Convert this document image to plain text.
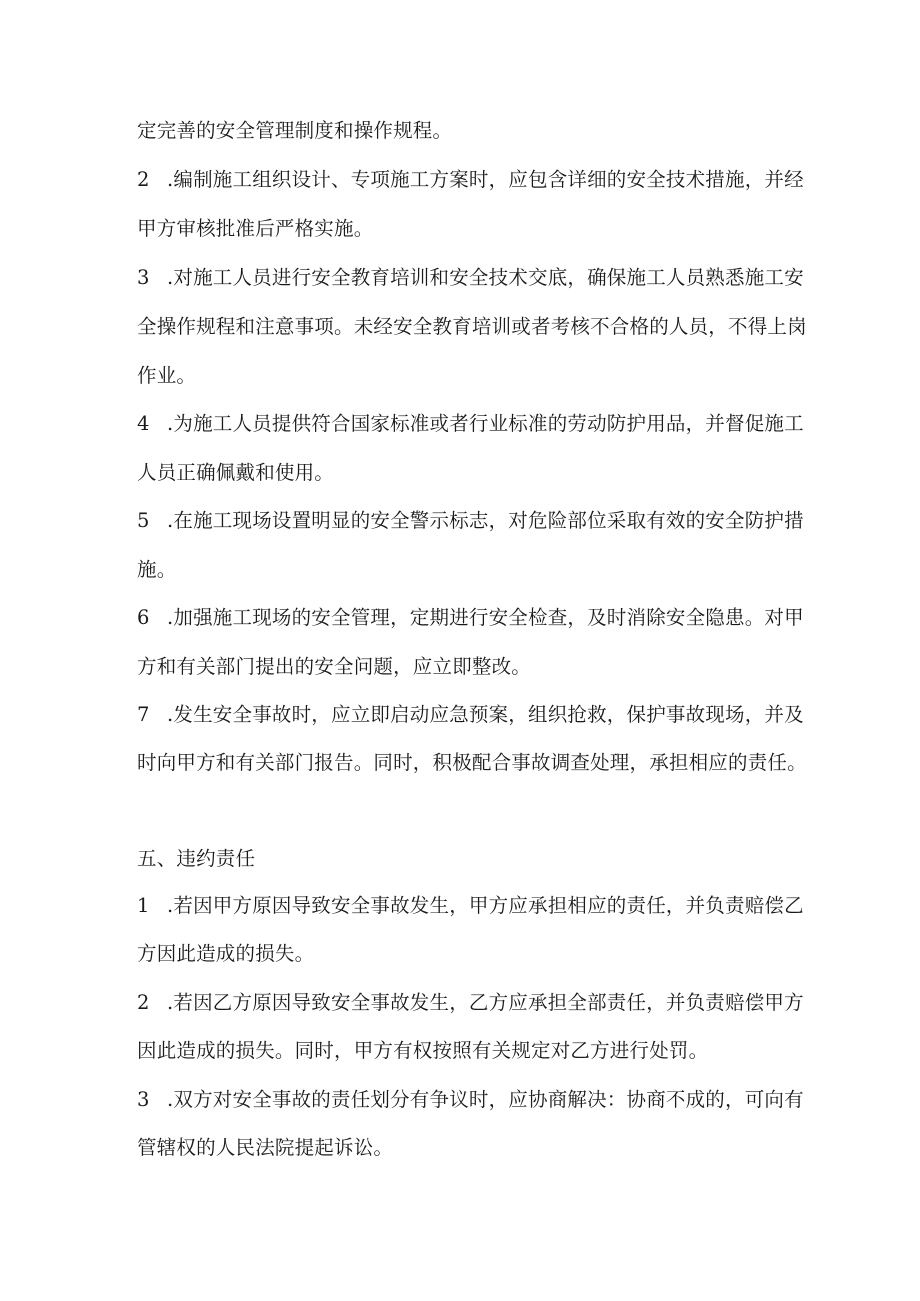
定完善的安全管理制度和操作规程。
2 .编制施工组织设计、专项施工方案时，应包含详细的安全技术措施，并经
甲方审核批准后严格实施。
3 .对施工人员进行安全教育培训和安全技术交底，确保施工人员熟悉施工安
全操作规程和注意事项。未经安全教育培训或者考核不合格的人员，不得上岗
作业。
4 .为施工人员提供符合国家标准或者行业标准的劳动防护用品，并督促施工
人员正确佩戴和使用。
5 .在施工现场设置明显的安全警示标志，对危险部位采取有效的安全防护措
施。
6 .加强施工现场的安全管理，定期进行安全检查，及时消除安全隐患。对甲
方和有关部门提出的安全问题，应立即整改。
7 .发生安全事故时，应立即启动应急预案，组织抢救，保护事故现场，并及
时向甲方和有关部门报告。同时，积极配合事故调查处理，承担相应的责任。
五、违约责任
1 .若因甲方原因导致安全事故发生，甲方应承担相应的责任，并负责赔偿乙
方因此造成的损失。
2 .若因乙方原因导致安全事故发生，乙方应承担全部责任，并负责赔偿甲方
因此造成的损失。同时，甲方有权按照有关规定对乙方进行处罚。
3 .双方对安全事故的责任划分有争议时，应协商解决：协商不成的，可向有
管辖权的人民法院提起诉讼。
